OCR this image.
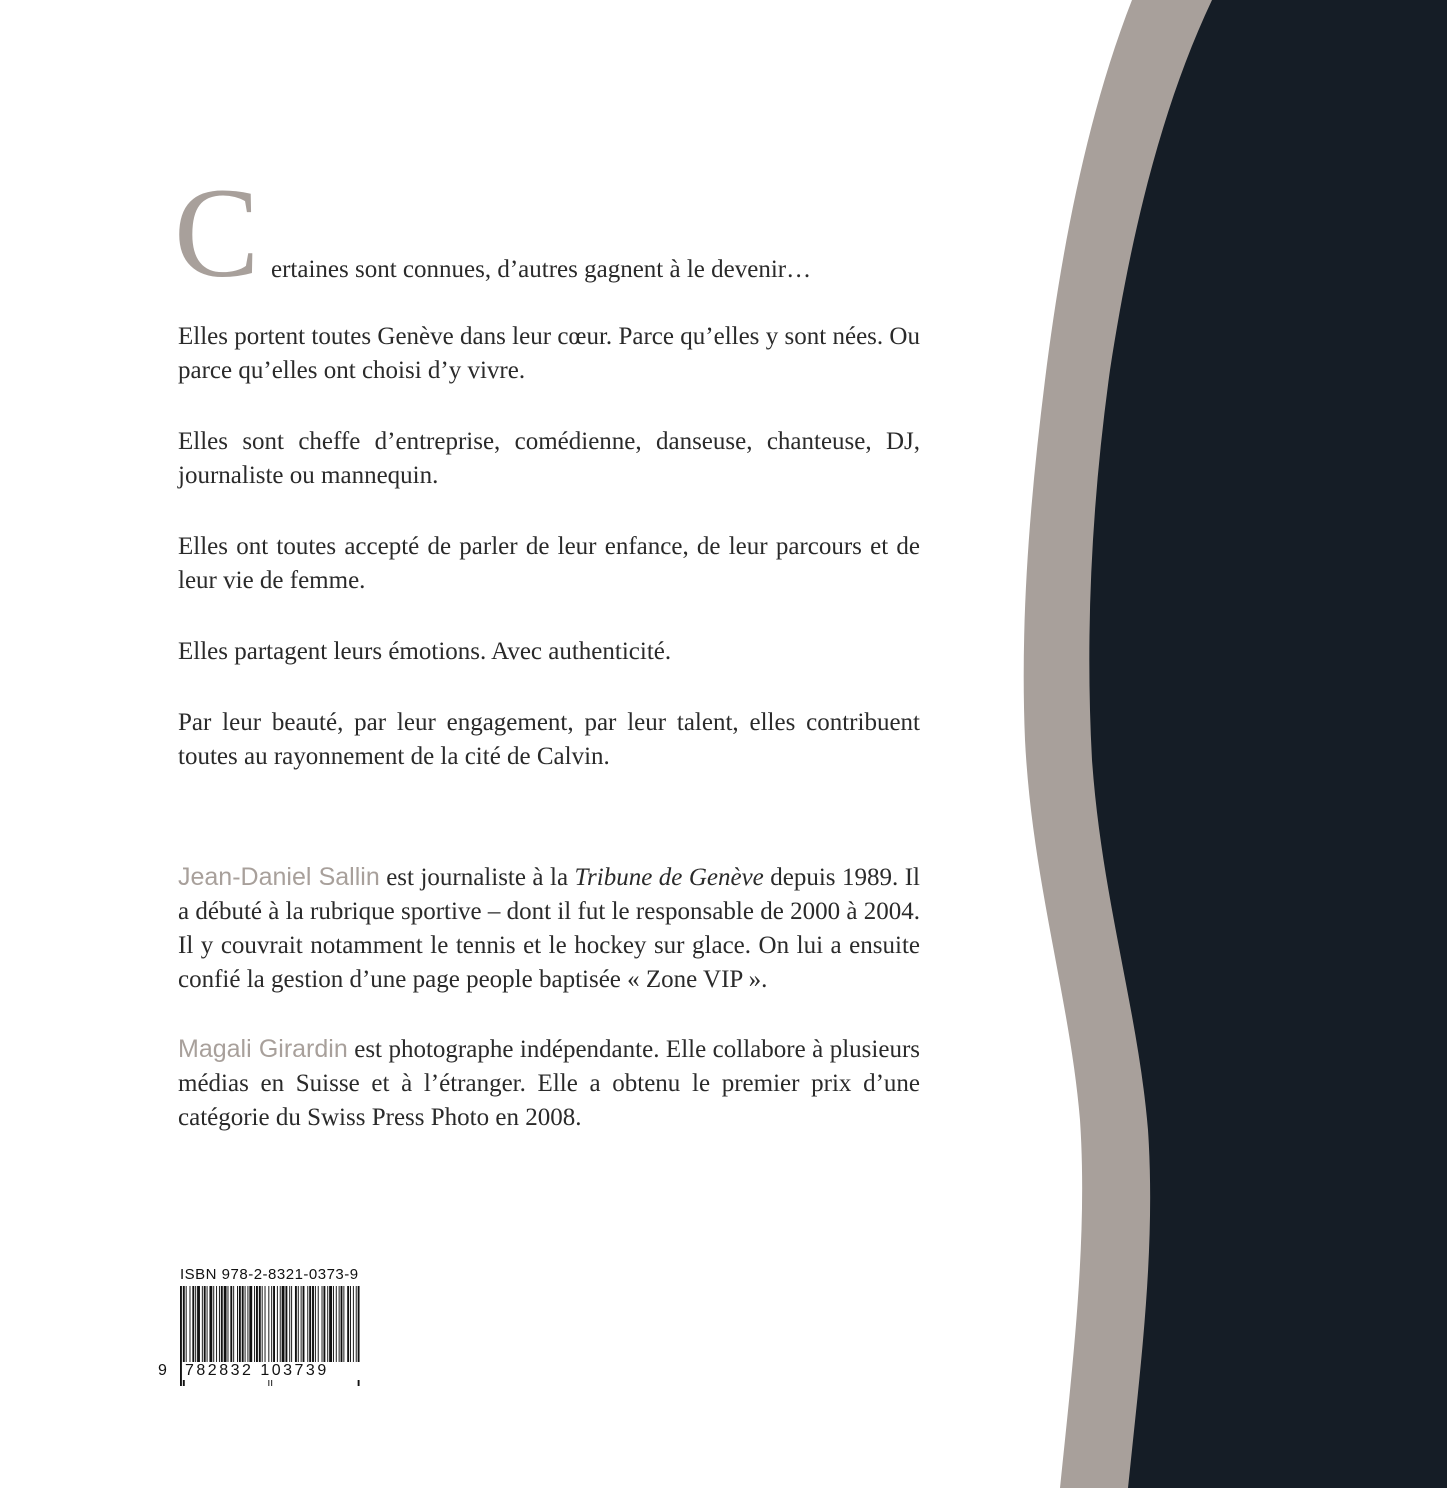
C ertaines sont connues, d’autres gagnent à le devenir…

Elles portent toutes Genève dans leur cœur. Parce qu’elles y sont nées. Ou parce qu’elles ont choisi d’y vivre.

Elles sont cheffe d’entreprise, comédienne, danseuse, chanteuse, DJ, journaliste ou mannequin.

Elles ont toutes accepté de parler de leur enfance, de leur parcours et de leur vie de femme.

Elles partagent leurs émotions. Avec authenticité.

Par leur beauté, par leur engagement, par leur talent, elles contribuent toutes au rayonnement de la cité de Calvin.

Jean-Daniel Sallin est journaliste à la Tribune de Genève depuis 1989. Il a débuté à la rubrique sportive – dont il fut le responsable de 2000 à 2004. Il y couvrait notamment le tennis et le hockey sur glace. On lui a ensuite confié la gestion d’une page people baptisée « Zone VIP ».

Magali Girardin est photographe indépendante. Elle collabore à plusieurs médias en Suisse et à l’étranger. Elle a obtenu le premier prix d’une catégorie du Swiss Press Photo en 2008.

ISBN 978-2-8321-0373-9
9 782832 103739
